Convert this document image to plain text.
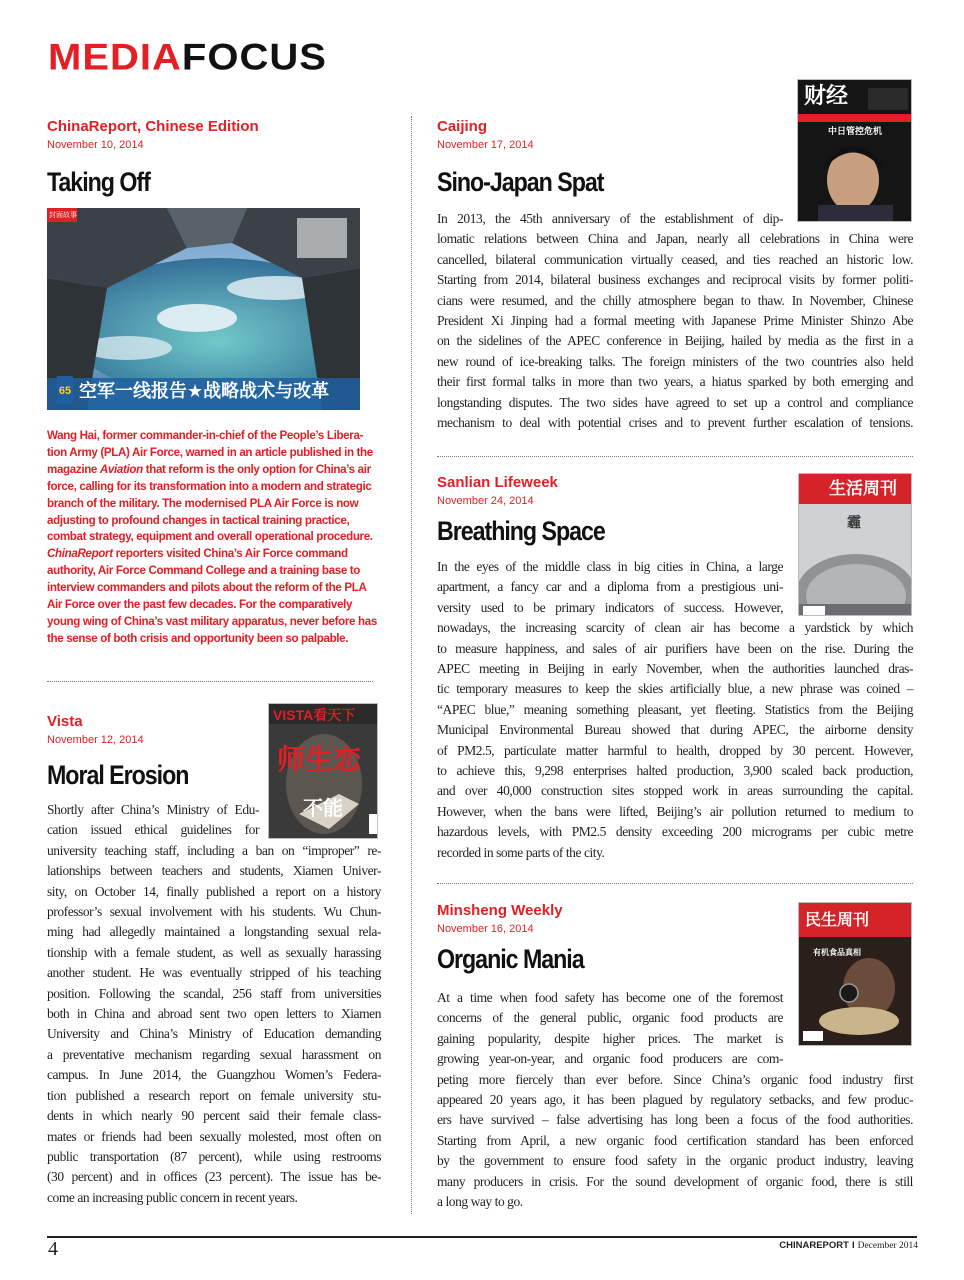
MEDIAFOCUS
ChinaReport, Chinese Edition
November 10, 2014
Taking Off
65 空军一线报告★战略战术与改革
封面故事
Wang Hai, former commander-in-chief of the People’s Libera-
tion Army (PLA) Air Force, warned in an article published in the
magazine Aviation that reform is the only option for China’s air
force, calling for its transformation into a modern and strategic
branch of the military. The modernised PLA Air Force is now
adjusting to profound changes in tactical training practice,
combat strategy, equipment and overall operational procedure.
ChinaReport reporters visited China’s Air Force command
authority, Air Force Command College and a training base to
interview commanders and pilots about the reform of the PLA
Air Force over the past few decades. For the comparatively
young wing of China’s vast military apparatus, never before has
the sense of both crisis and opportunity been so palpable.
Vista
November 12, 2014
Moral Erosion
VISTA看天下
师生恋
不能
Shortly after China’s Ministry of Edu-
cation issued ethical guidelines for
university teaching staff, including a ban on “improper” re-
lationships between teachers and students, Xiamen Univer-
sity, on October 14, finally published a report on a history
professor’s sexual involvement with his students. Wu Chun-
ming had allegedly maintained a longstanding sexual rela-
tionship with a female student, as well as sexually harassing
another student. He was eventually stripped of his teaching
position. Following the scandal, 256 staff from universities
both in China and abroad sent two open letters to Xiamen
University and China’s Ministry of Education demanding
a preventative mechanism regarding sexual harassment on
campus. In June 2014, the Guangzhou Women’s Federa-
tion published a research report on female university stu-
dents in which nearly 90 percent said their female class-
mates or friends had been sexually molested, most often on
public transportation (87 percent), while using restrooms
(30 percent) and in offices (23 percent). The issue has be-
come an increasing public concern in recent years.
Caijing
November 17, 2014
Sino-Japan Spat
财经
中日管控危机
In 2013, the 45th anniversary of the establishment of dip-
lomatic relations between China and Japan, nearly all celebrations in China were
cancelled, bilateral communication virtually ceased, and ties reached an historic low.
Starting from 2014, bilateral business exchanges and reciprocal visits by former politi-
cians were resumed, and the chilly atmosphere began to thaw. In November, Chinese
President Xi Jinping had a formal meeting with Japanese Prime Minister Shinzo Abe
on the sidelines of the APEC conference in Beijing, hailed by media as the first in a
new round of ice-breaking talks. The foreign ministers of the two countries also held
their first formal talks in more than two years, a hiatus sparked by both emerging and
longstanding disputes. The two sides have agreed to set up a control and compliance
mechanism to deal with potential crises and to prevent further escalation of tensions.
Sanlian Lifeweek
November 24, 2014
Breathing Space
生活周刊
霾
In the eyes of the middle class in big cities in China, a large
apartment, a fancy car and a diploma from a prestigious uni-
versity used to be primary indicators of success. However,
nowadays, the increasing scarcity of clean air has become a yardstick by which
to measure happiness, and sales of air purifiers have been on the rise. During the
APEC meeting in Beijing in early November, when the authorities launched dras-
tic temporary measures to keep the skies artificially blue, a new phrase was coined –
“APEC blue,” meaning something pleasant, yet fleeting. Statistics from the Beijing
Municipal Environmental Bureau showed that during APEC, the airborne density
of PM2.5, particulate matter harmful to health, dropped by 30 percent. However,
to achieve this, 9,298 enterprises halted production, 3,900 scaled back production,
and over 40,000 construction sites stopped work in areas surrounding the capital.
However, when the bans were lifted, Beijing’s air pollution returned to medium to
hazardous levels, with PM2.5 density exceeding 200 micrograms per cubic metre
recorded in some parts of the city.
Minsheng Weekly
November 16, 2014
Organic Mania
民生周刊
有机食品真相
At a time when food safety has become one of the foremost
concerns of the general public, organic food products are
gaining popularity, despite higher prices. The market is
growing year-on-year, and organic food producers are com-
peting more fiercely than ever before. Since China’s organic food industry first
appeared 20 years ago, it has been plagued by regulatory setbacks, and few produc-
ers have survived – false advertising has long been a focus of the food authorities.
Starting from April, a new organic food certification standard has been enforced
by the government to ensure food safety in the organic product industry, leaving
many producers in crisis. For the sound development of organic food, there is still
a long way to go.
4	CHINAREPORT I December 2014
